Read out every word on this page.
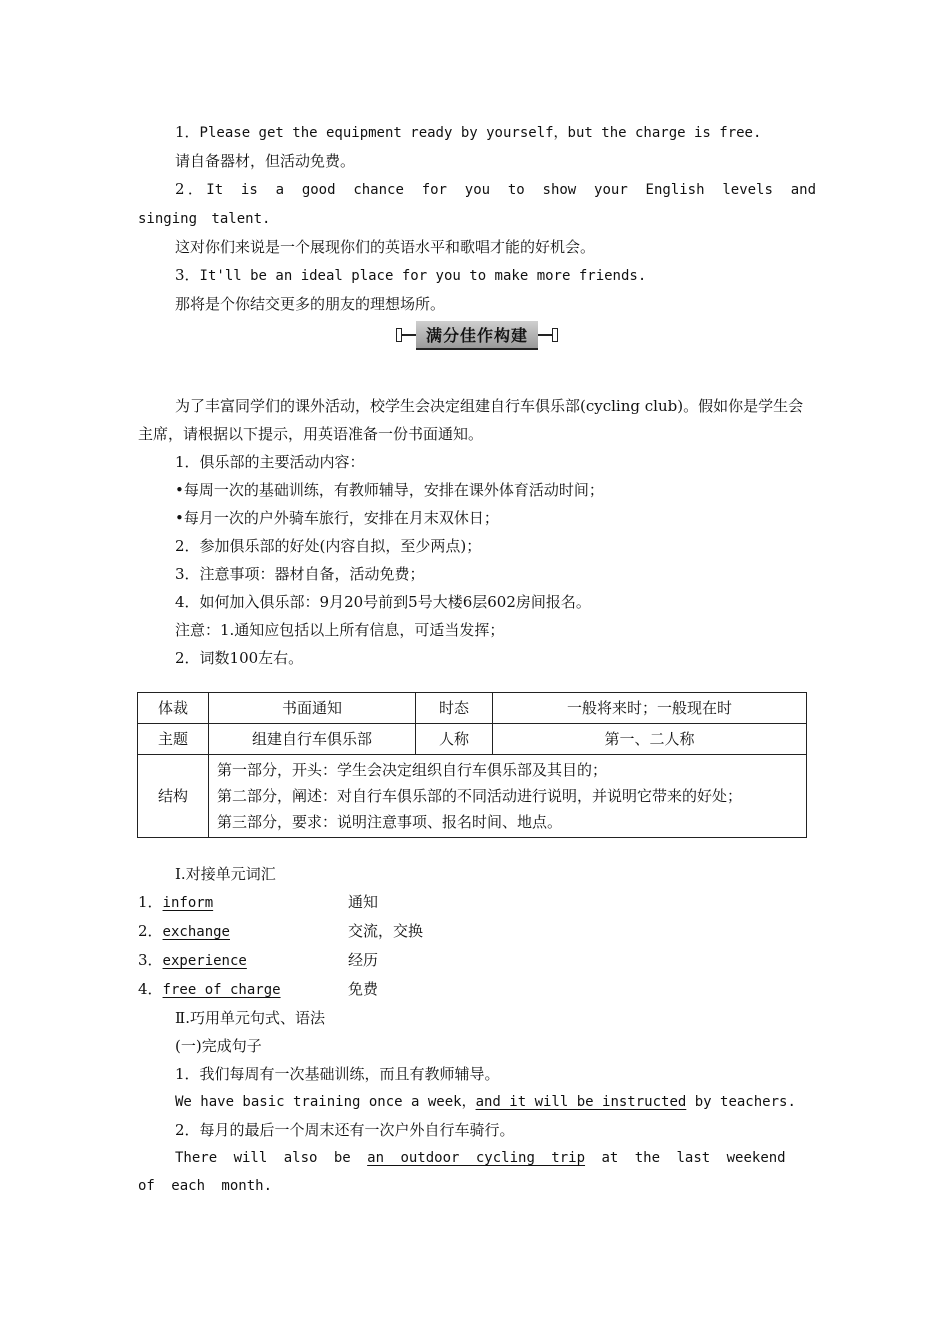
1．Please get the equipment ready by yourself，but the charge is free.

请自备器材，但活动免费。

2．It is a good chance for you to show your English levels and singing talent.

这对你们来说是一个展现你们的英语水平和歌唱才能的好机会。

3．It'll be an ideal place for you to make more friends.

那将是个你结交更多的朋友的理想场所。

满分佳作构建

为了丰富同学们的课外活动，校学生会决定组建自行车俱乐部(cycling club)。假如你是学生会主席，请根据以下提示，用英语准备一份书面通知。

1．俱乐部的主要活动内容：

•每周一次的基础训练，有教师辅导，安排在课外体育活动时间；

•每月一次的户外骑车旅行，安排在月末双休日；

2．参加俱乐部的好处(内容自拟，至少两点)；

3．注意事项：器材自备，活动免费；

4．如何加入俱乐部：9月20号前到5号大楼6层602房间报名。

注意：1.通知应包括以上所有信息，可适当发挥；

2．词数100左右。

体裁	书面通知	时态	一般将来时；一般现在时
主题	组建自行车俱乐部	人称	第一、二人称
结构	第一部分，开头：学生会决定组织自行车俱乐部及其目的；
第二部分，阐述：对自行车俱乐部的不同活动进行说明，并说明它带来的好处；
第三部分，要求：说明注意事项、报名时间、地点。		

Ⅰ.对接单元词汇

1．inform	通知
2．exchange	交流，交换
3．experience	经历
4．free of charge	免费

Ⅱ.巧用单元句式、语法

(一)完成句子

1．我们每周有一次基础训练，而且有教师辅导。

We have basic training once a week，and it will be instructed by teachers.

2．每月的最后一个周末还有一次户外自行车骑行。

There will also be an outdoor cycling trip at the last weekend of each month.
